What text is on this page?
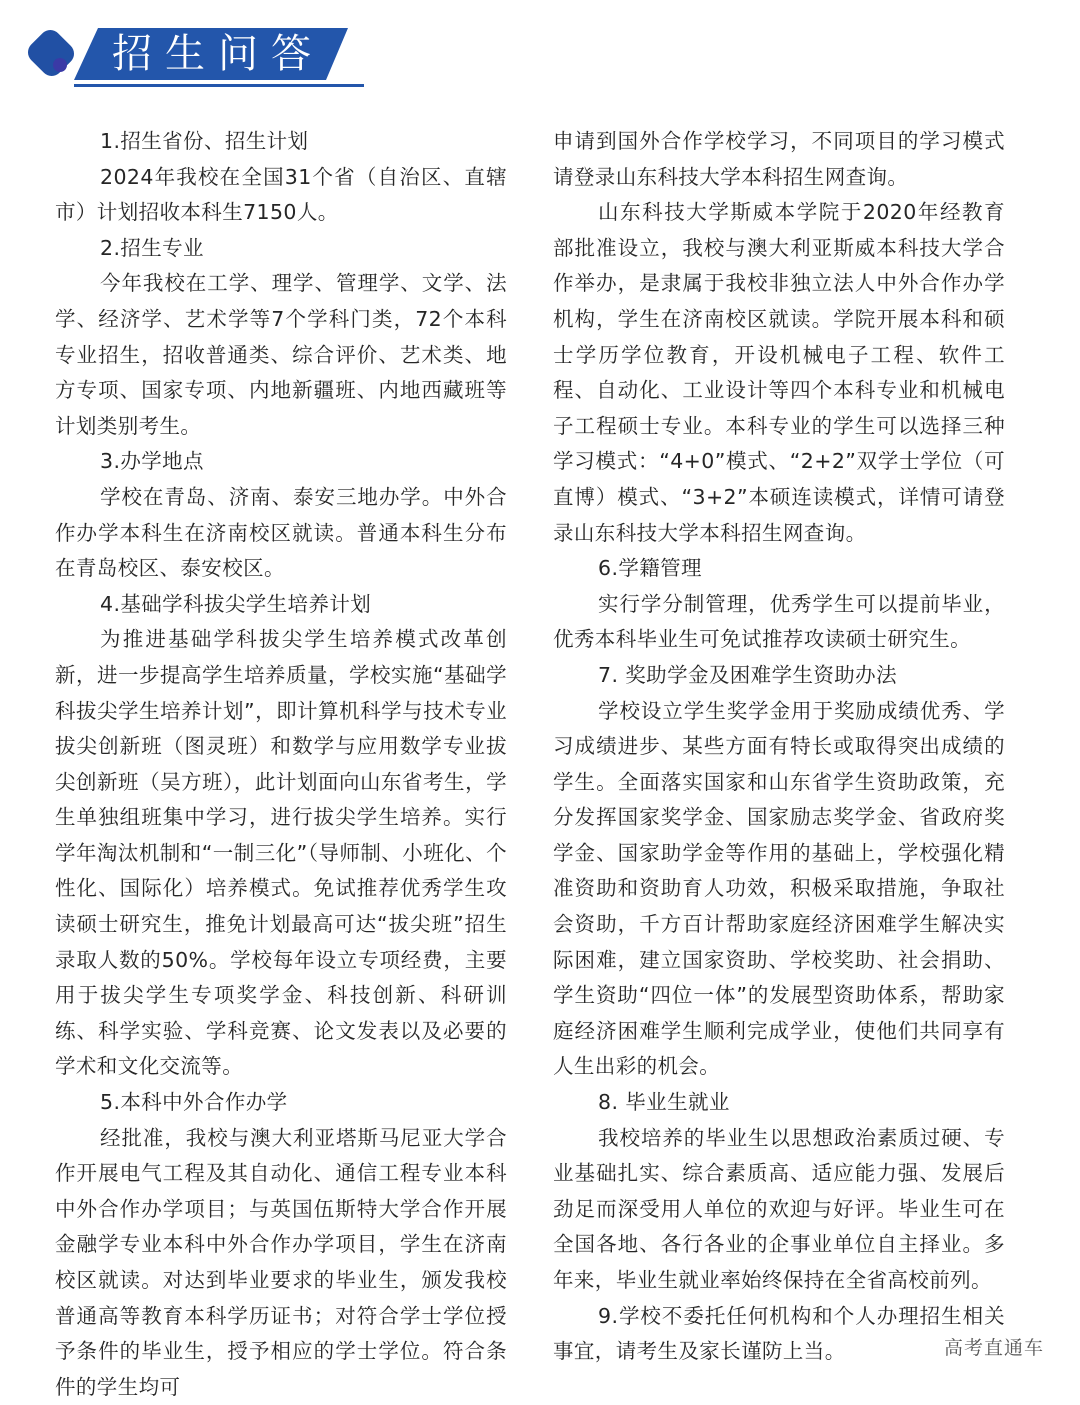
招生问答

1.招生省份、招生计划

2024年我校在全国31个省（自治区、直辖市）计划招收本科生7150人。

2.招生专业

今年我校在工学、理学、管理学、文学、法学、经济学、艺术学等7个学科门类，72个本科专业招生，招收普通类、综合评价、艺术类、地方专项、国家专项、内地新疆班、内地西藏班等计划类别考生。

3.办学地点

学校在青岛、济南、泰安三地办学。中外合作办学本科生在济南校区就读。普通本科生分布在青岛校区、泰安校区。

4.基础学科拔尖学生培养计划

为推进基础学科拔尖学生培养模式改革创新，进一步提高学生培养质量，学校实施“基础学科拔尖学生培养计划”，即计算机科学与技术专业拔尖创新班（图灵班）和数学与应用数学专业拔尖创新班（吴方班），此计划面向山东省考生，学生单独组班集中学习，进行拔尖学生培养。实行学年淘汰机制和“一制三化”（导师制、小班化、个性化、国际化）培养模式。免试推荐优秀学生攻读硕士研究生，推免计划最高可达“拔尖班”招生录取人数的50%。学校每年设立专项经费，主要用于拔尖学生专项奖学金、科技创新、科研训练、科学实验、学科竞赛、论文发表以及必要的学术和文化交流等。

5.本科中外合作办学

经批准，我校与澳大利亚塔斯马尼亚大学合作开展电气工程及其自动化、通信工程专业本科中外合作办学项目；与英国伍斯特大学合作开展金融学专业本科中外合作办学项目，学生在济南校区就读。对达到毕业要求的毕业生，颁发我校普通高等教育本科学历证书；对符合学士学位授予条件的毕业生，授予相应的学士学位。符合条件的学生均可

申请到国外合作学校学习，不同项目的学习模式请登录山东科技大学本科招生网查询。

山东科技大学斯威本学院于2020年经教育部批准设立，我校与澳大利亚斯威本科技大学合作举办，是隶属于我校非独立法人中外合作办学机构，学生在济南校区就读。学院开展本科和硕士学历学位教育，开设机械电子工程、软件工程、自动化、工业设计等四个本科专业和机械电子工程硕士专业。本科专业的学生可以选择三种学习模式：“4+0”模式、“2+2”双学士学位（可直博）模式、“3+2”本硕连读模式，详情可请登录山东科技大学本科招生网查询。

6.学籍管理

实行学分制管理，优秀学生可以提前毕业，优秀本科毕业生可免试推荐攻读硕士研究生。

7. 奖助学金及困难学生资助办法

学校设立学生奖学金用于奖励成绩优秀、学习成绩进步、某些方面有特长或取得突出成绩的学生。全面落实国家和山东省学生资助政策，充分发挥国家奖学金、国家励志奖学金、省政府奖学金、国家助学金等作用的基础上，学校强化精准资助和资助育人功效，积极采取措施，争取社会资助，千方百计帮助家庭经济困难学生解决实际困难，建立国家资助、学校奖助、社会捐助、学生资助“四位一体”的发展型资助体系，帮助家庭经济困难学生顺利完成学业，使他们共同享有人生出彩的机会。

8. 毕业生就业

我校培养的毕业生以思想政治素质过硬、专业基础扎实、综合素质高、适应能力强、发展后劲足而深受用人单位的欢迎与好评。毕业生可在全国各地、各行各业的企事业单位自主择业。多年来，毕业生就业率始终保持在全省高校前列。

9.学校不委托任何机构和个人办理招生相关事宜，请考生及家长谨防上当。	高考直通车
